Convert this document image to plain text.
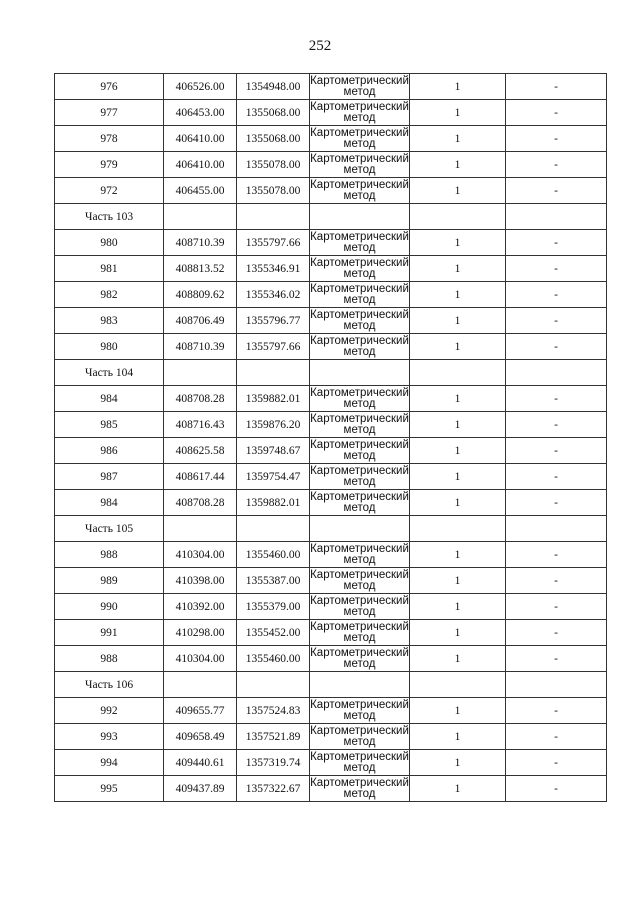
252
976	406526.00	1354948.00	Картометрический метод	1	-
977	406453.00	1355068.00	Картометрический метод	1	-
978	406410.00	1355068.00	Картометрический метод	1	-
979	406410.00	1355078.00	Картометрический метод	1	-
972	406455.00	1355078.00	Картометрический метод	1	-
Часть 103					
980	408710.39	1355797.66	Картометрический метод	1	-
981	408813.52	1355346.91	Картометрический метод	1	-
982	408809.62	1355346.02	Картометрический метод	1	-
983	408706.49	1355796.77	Картометрический метод	1	-
980	408710.39	1355797.66	Картометрический метод	1	-
Часть 104					
984	408708.28	1359882.01	Картометрический метод	1	-
985	408716.43	1359876.20	Картометрический метод	1	-
986	408625.58	1359748.67	Картометрический метод	1	-
987	408617.44	1359754.47	Картометрический метод	1	-
984	408708.28	1359882.01	Картометрический метод	1	-
Часть 105					
988	410304.00	1355460.00	Картометрический метод	1	-
989	410398.00	1355387.00	Картометрический метод	1	-
990	410392.00	1355379.00	Картометрический метод	1	-
991	410298.00	1355452.00	Картометрический метод	1	-
988	410304.00	1355460.00	Картометрический метод	1	-
Часть 106					
992	409655.77	1357524.83	Картометрический метод	1	-
993	409658.49	1357521.89	Картометрический метод	1	-
994	409440.61	1357319.74	Картометрический метод	1	-
995	409437.89	1357322.67	Картометрический метод	1	-
